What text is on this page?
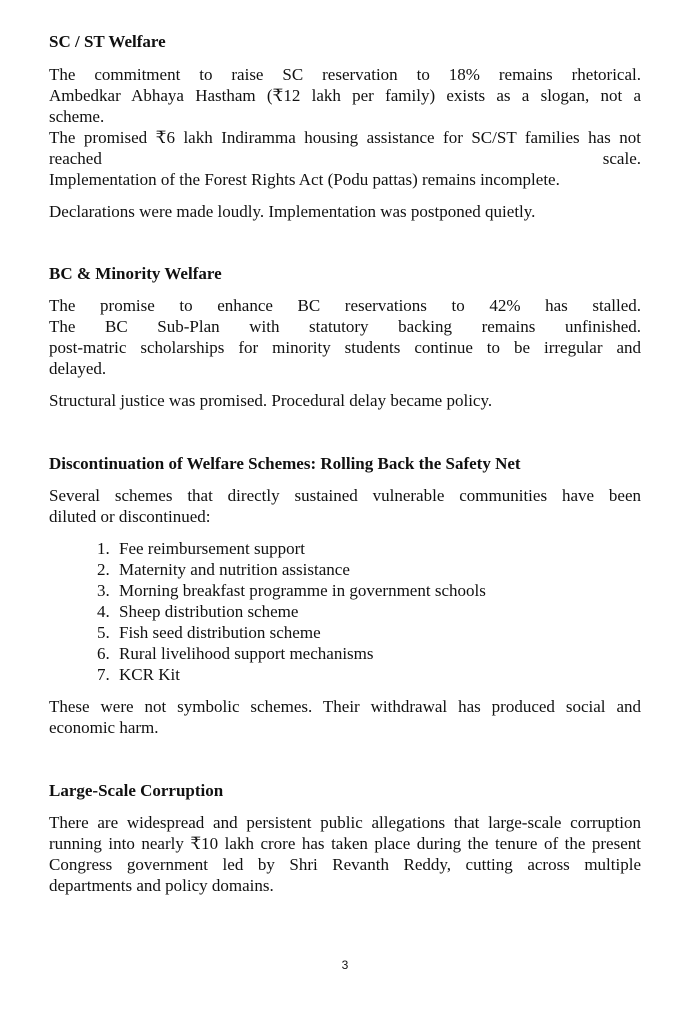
SC / ST Welfare
The commitment to raise SC reservation to 18% remains rhetorical.
Ambedkar Abhaya Hastham (₹12 lakh per family) exists as a slogan, not a
scheme.
The promised ₹6 lakh Indiramma housing assistance for SC/ST families has not
reached	scale.
Implementation of the Forest Rights Act (Podu pattas) remains incomplete.
Declarations were made loudly. Implementation was postponed quietly.
BC & Minority Welfare
The promise to enhance BC reservations to 42% has stalled.
The BC Sub-Plan with statutory backing remains unfinished.
post-matric scholarships for minority students continue to be irregular and
delayed.
Structural justice was promised. Procedural delay became policy.
Discontinuation of Welfare Schemes: Rolling Back the Safety Net
Several schemes that directly sustained vulnerable communities have been
diluted or discontinued:
1. Fee reimbursement support
2. Maternity and nutrition assistance
3. Morning breakfast programme in government schools
4. Sheep distribution scheme
5. Fish seed distribution scheme
6. Rural livelihood support mechanisms
7. KCR Kit
These were not symbolic schemes. Their withdrawal has produced social and
economic harm.
Large-Scale Corruption
There are widespread and persistent public allegations that large-scale corruption
running into nearly ₹10 lakh crore has taken place during the tenure of the present
Congress government led by Shri Revanth Reddy, cutting across multiple
departments and policy domains.
3
